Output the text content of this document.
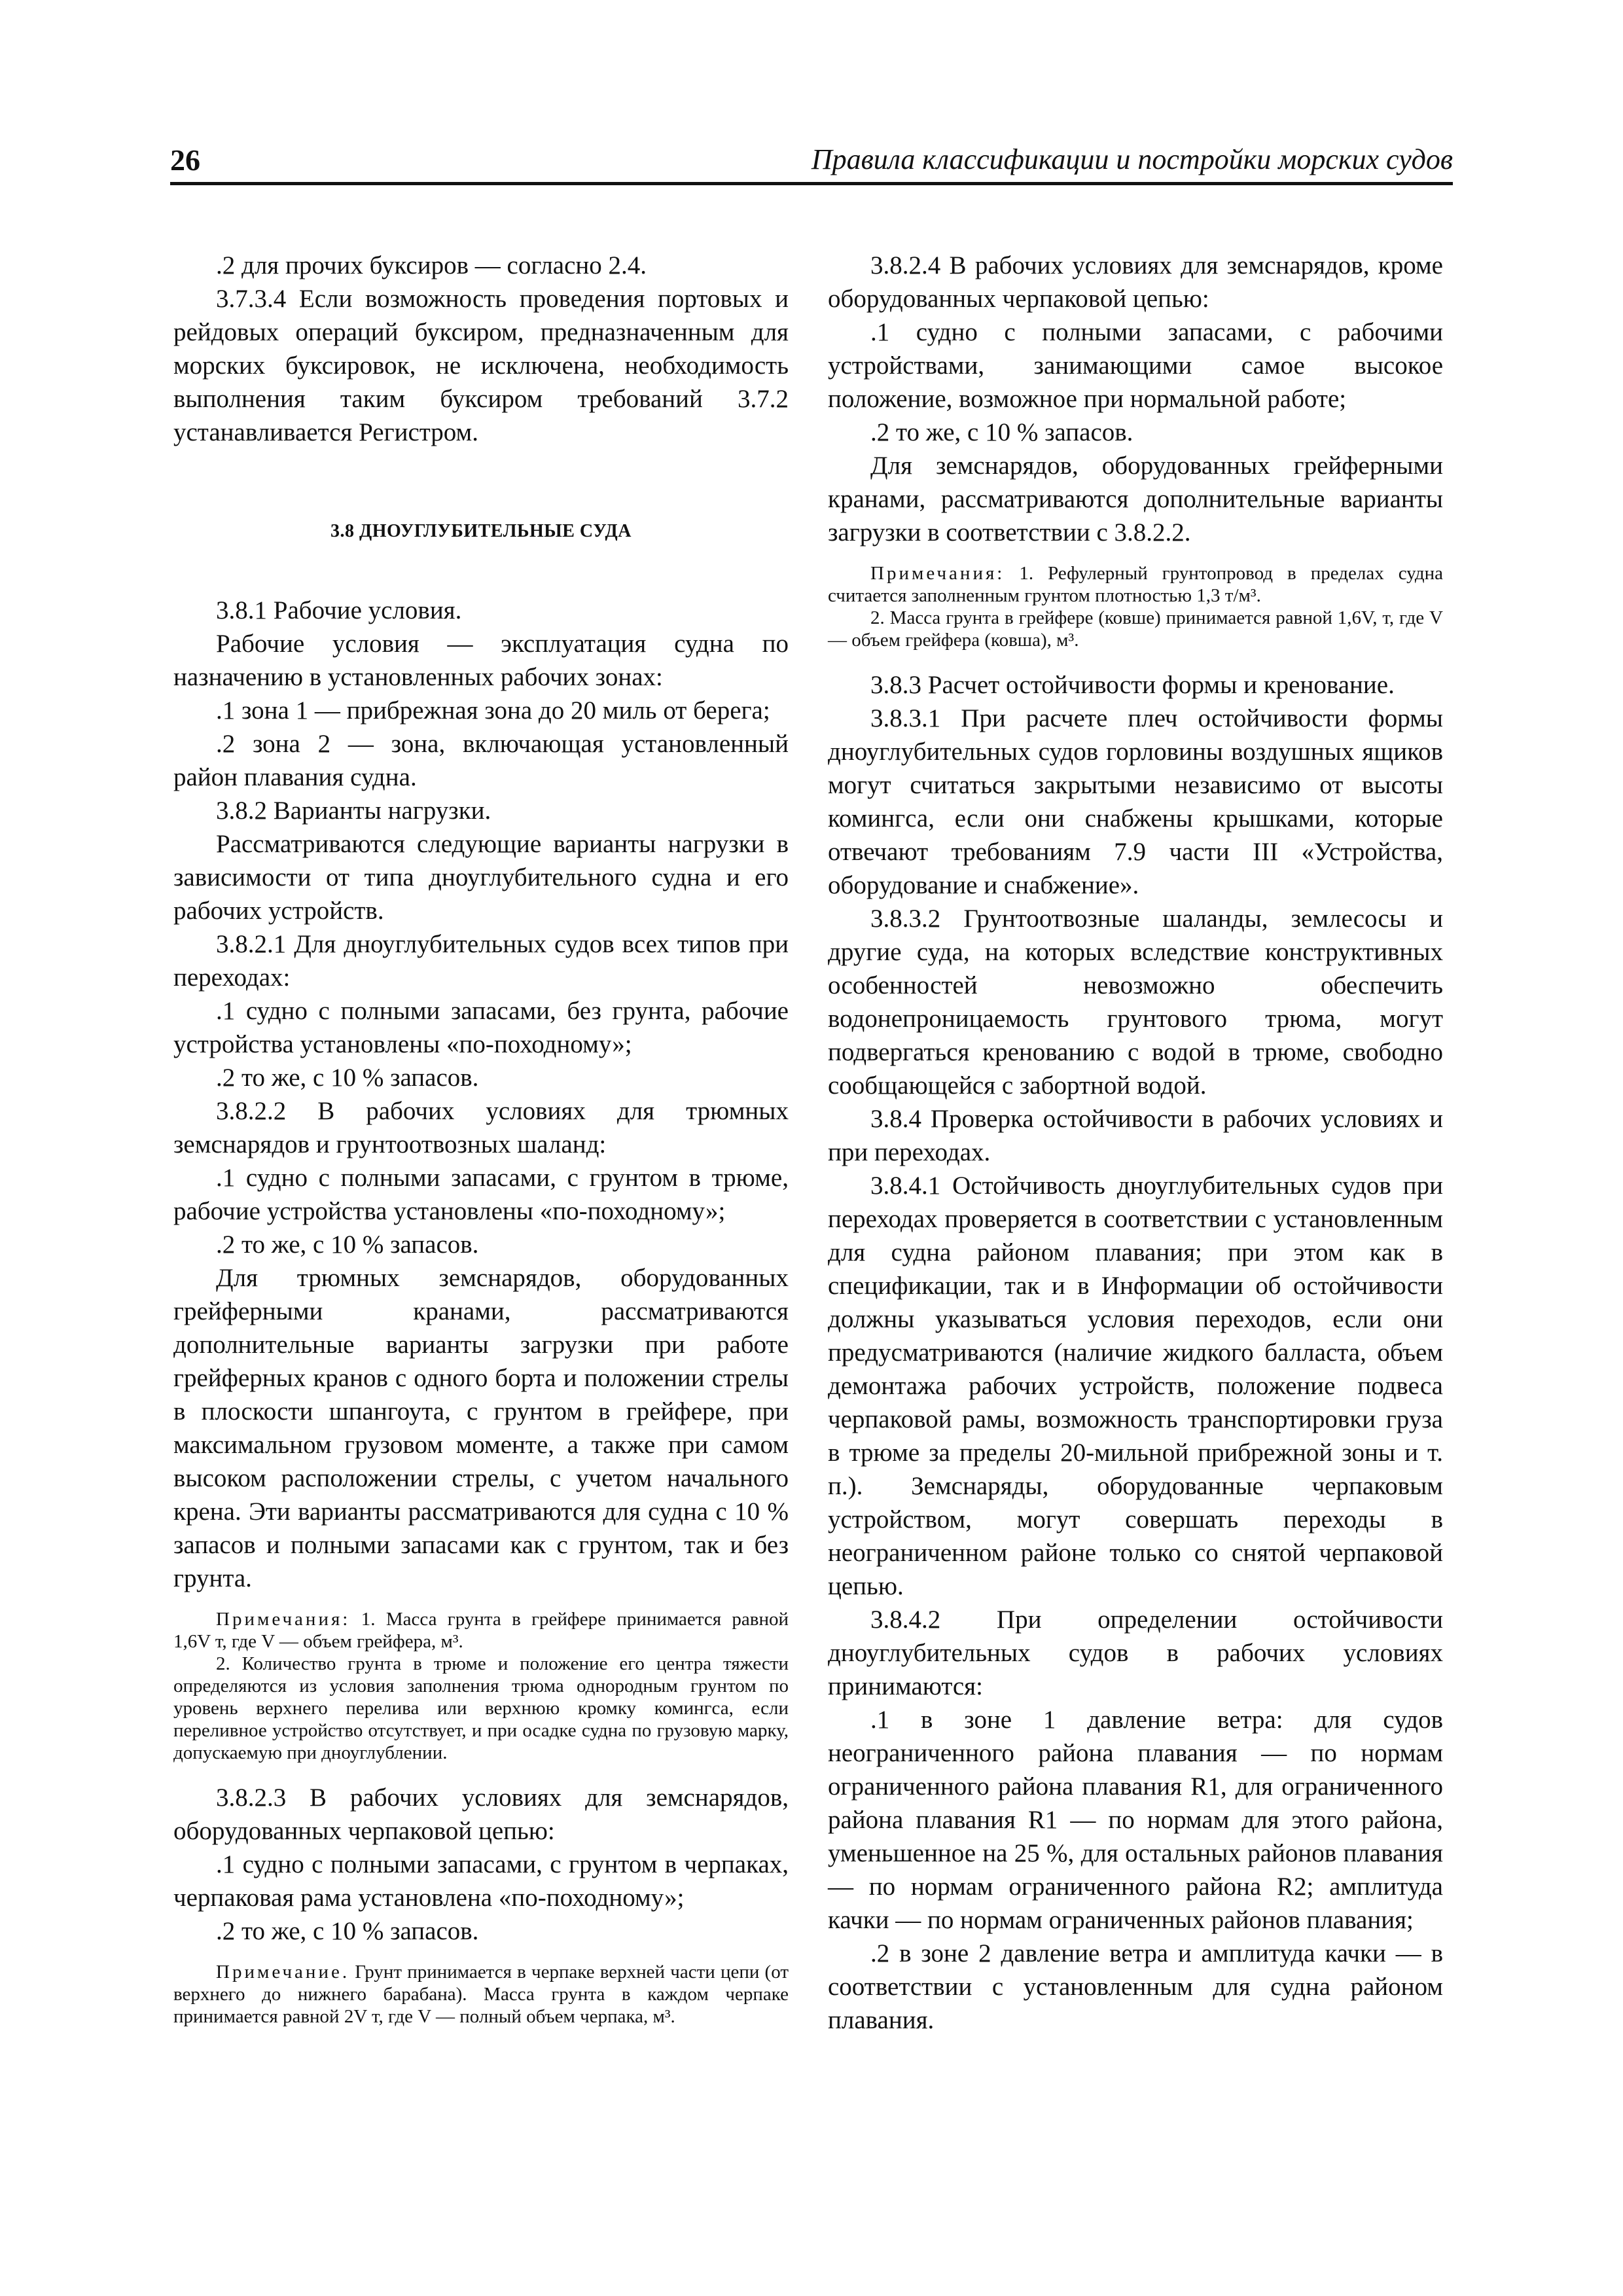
26	Правила классификации и постройки морских судов

.2 для прочих буксиров — согласно 2.4.

3.7.3.4 Если возможность проведения портовых и рейдовых операций буксиром, предназначенным для морских буксировок, не исключена, необходимость выполнения таким буксиром требований 3.7.2 устанавливается Регистром.

3.8 ДНОУГЛУБИТЕЛЬНЫЕ СУДА

3.8.1 Рабочие условия.

Рабочие условия — эксплуатация судна по назначению в установленных рабочих зонах:

.1 зона 1 — прибрежная зона до 20 миль от берега;

.2 зона 2 — зона, включающая установленный район плавания судна.

3.8.2 Варианты нагрузки.

Рассматриваются следующие варианты нагрузки в зависимости от типа дноуглубительного судна и его рабочих устройств.

3.8.2.1 Для дноуглубительных судов всех типов при переходах:

.1 судно с полными запасами, без грунта, рабочие устройства установлены «по-походному»;

.2 то же, с 10 % запасов.

3.8.2.2 В рабочих условиях для трюмных земснарядов и грунтоотвозных шаланд:

.1 судно с полными запасами, с грунтом в трюме, рабочие устройства установлены «по-походному»;

.2 то же, с 10 % запасов.

Для трюмных земснарядов, оборудованных грейферными кранами, рассматриваются дополнительные варианты загрузки при работе грейферных кранов с одного борта и положении стрелы в плоскости шпангоута, с грунтом в грейфере, при максимальном грузовом моменте, а также при самом высоком расположении стрелы, с учетом начального крена. Эти варианты рассматриваются для судна с 10 % запасов и полными запасами как с грунтом, так и без грунта.

Примечания: 1. Масса грунта в грейфере принимается равной 1,6V т, где V — объем грейфера, м³.

2. Количество грунта в трюме и положение его центра тяжести определяются из условия заполнения трюма однородным грунтом по уровень верхнего перелива или верхнюю кромку комингса, если переливное устройство отсутствует, и при осадке судна по грузовую марку, допускаемую при дноуглублении.

3.8.2.3 В рабочих условиях для земснарядов, оборудованных черпаковой цепью:

.1 судно с полными запасами, с грунтом в черпаках, черпаковая рама установлена «по-походному»;

.2 то же, с 10 % запасов.

Примечание. Грунт принимается в черпаке верхней части цепи (от верхнего до нижнего барабана). Масса грунта в каждом черпаке принимается равной 2V т, где V — полный объем черпака, м³.

3.8.2.4 В рабочих условиях для земснарядов, кроме оборудованных черпаковой цепью:

.1 судно с полными запасами, с рабочими устройствами, занимающими самое высокое положение, возможное при нормальной работе;

.2 то же, с 10 % запасов.

Для земснарядов, оборудованных грейферными кранами, рассматриваются дополнительные варианты загрузки в соответствии с 3.8.2.2.

Примечания: 1. Рефулерный грунтопровод в пределах судна считается заполненным грунтом плотностью 1,3 т/м³.

2. Масса грунта в грейфере (ковше) принимается равной 1,6V, т, где V — объем грейфера (ковша), м³.

3.8.3 Расчет остойчивости формы и кренование.

3.8.3.1 При расчете плеч остойчивости формы дноуглубительных судов горловины воздушных ящиков могут считаться закрытыми независимо от высоты комингса, если они снабжены крышками, которые отвечают требованиям 7.9 части III «Устройства, оборудование и снабжение».

3.8.3.2 Грунтоотвозные шаланды, землесосы и другие суда, на которых вследствие конструктивных особенностей невозможно обеспечить водонепроницаемость грунтового трюма, могут подвергаться кренованию с водой в трюме, свободно сообщающейся с забортной водой.

3.8.4 Проверка остойчивости в рабочих условиях и при переходах.

3.8.4.1 Остойчивость дноуглубительных судов при переходах проверяется в соответствии с установленным для судна районом плавания; при этом как в спецификации, так и в Информации об остойчивости должны указываться условия переходов, если они предусматриваются (наличие жидкого балласта, объем демонтажа рабочих устройств, положение подвеса черпаковой рамы, возможность транспортировки груза в трюме за пределы 20-мильной прибрежной зоны и т. п.). Земснаряды, оборудованные черпаковым устройством, могут совершать переходы в неограниченном районе только со снятой черпаковой цепью.

3.8.4.2 При определении остойчивости дноуглубительных судов в рабочих условиях принимаются:

.1 в зоне 1 давление ветра: для судов неограниченного района плавания — по нормам ограниченного района плавания R1, для ограниченного района плавания R1 — по нормам для этого района, уменьшенное на 25 %, для остальных районов плавания — по нормам ограниченного района R2; амплитуда качки — по нормам ограниченных районов плавания;

.2 в зоне 2 давление ветра и амплитуда качки — в соответствии с установленным для судна районом плавания.
